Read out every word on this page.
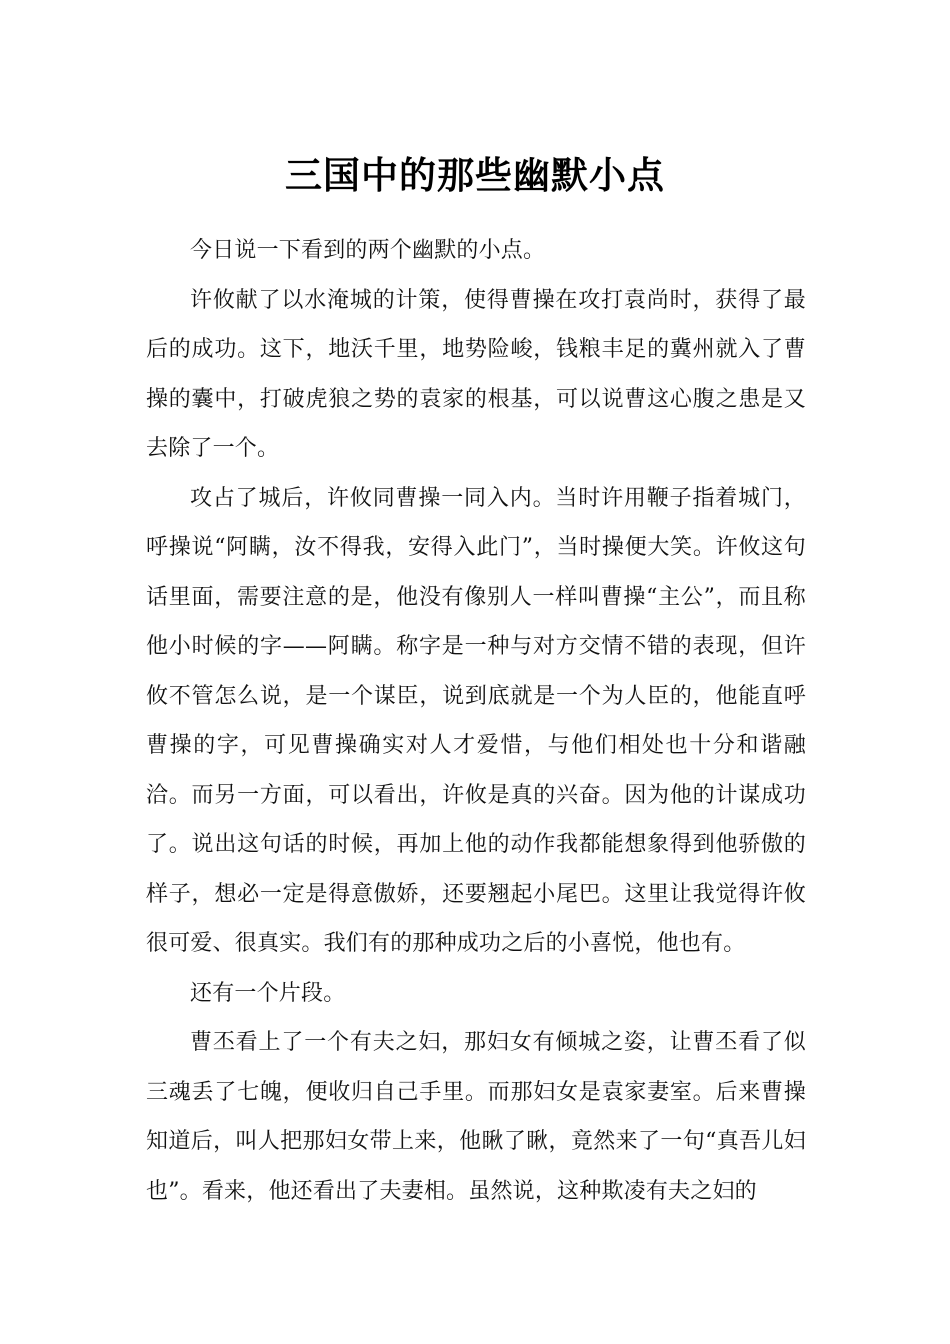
三国中的那些幽默小点

今日说一下看到的两个幽默的小点。

许攸献了以水淹城的计策，使得曹操在攻打袁尚时，获得了最后的成功。这下，地沃千里，地势险峻，钱粮丰足的冀州就入了曹操的囊中，打破虎狼之势的袁家的根基，可以说曹这心腹之患是又去除了一个。

攻占了城后，许攸同曹操一同入内。当时许用鞭子指着城门，呼操说“阿瞒，汝不得我，安得入此门”，当时操便大笑。许攸这句话里面，需要注意的是，他没有像别人一样叫曹操“主公”，而且称他小时候的字——阿瞒。称字是一种与对方交情不错的表现，但许攸不管怎么说，是一个谋臣，说到底就是一个为人臣的，他能直呼曹操的字，可见曹操确实对人才爱惜，与他们相处也十分和谐融洽。而另一方面，可以看出，许攸是真的兴奋。因为他的计谋成功了。说出这句话的时候，再加上他的动作我都能想象得到他骄傲的样子，想必一定是得意傲娇，还要翘起小尾巴。这里让我觉得许攸很可爱、很真实。我们有的那种成功之后的小喜悦，他也有。

还有一个片段。

曹丕看上了一个有夫之妇，那妇女有倾城之姿，让曹丕看了似三魂丢了七魄，便收归自己手里。而那妇女是袁家妻室。后来曹操知道后，叫人把那妇女带上来，他瞅了瞅，竟然来了一句“真吾儿妇也”。看来，他还看出了夫妻相。虽然说，这种欺凌有夫之妇的
